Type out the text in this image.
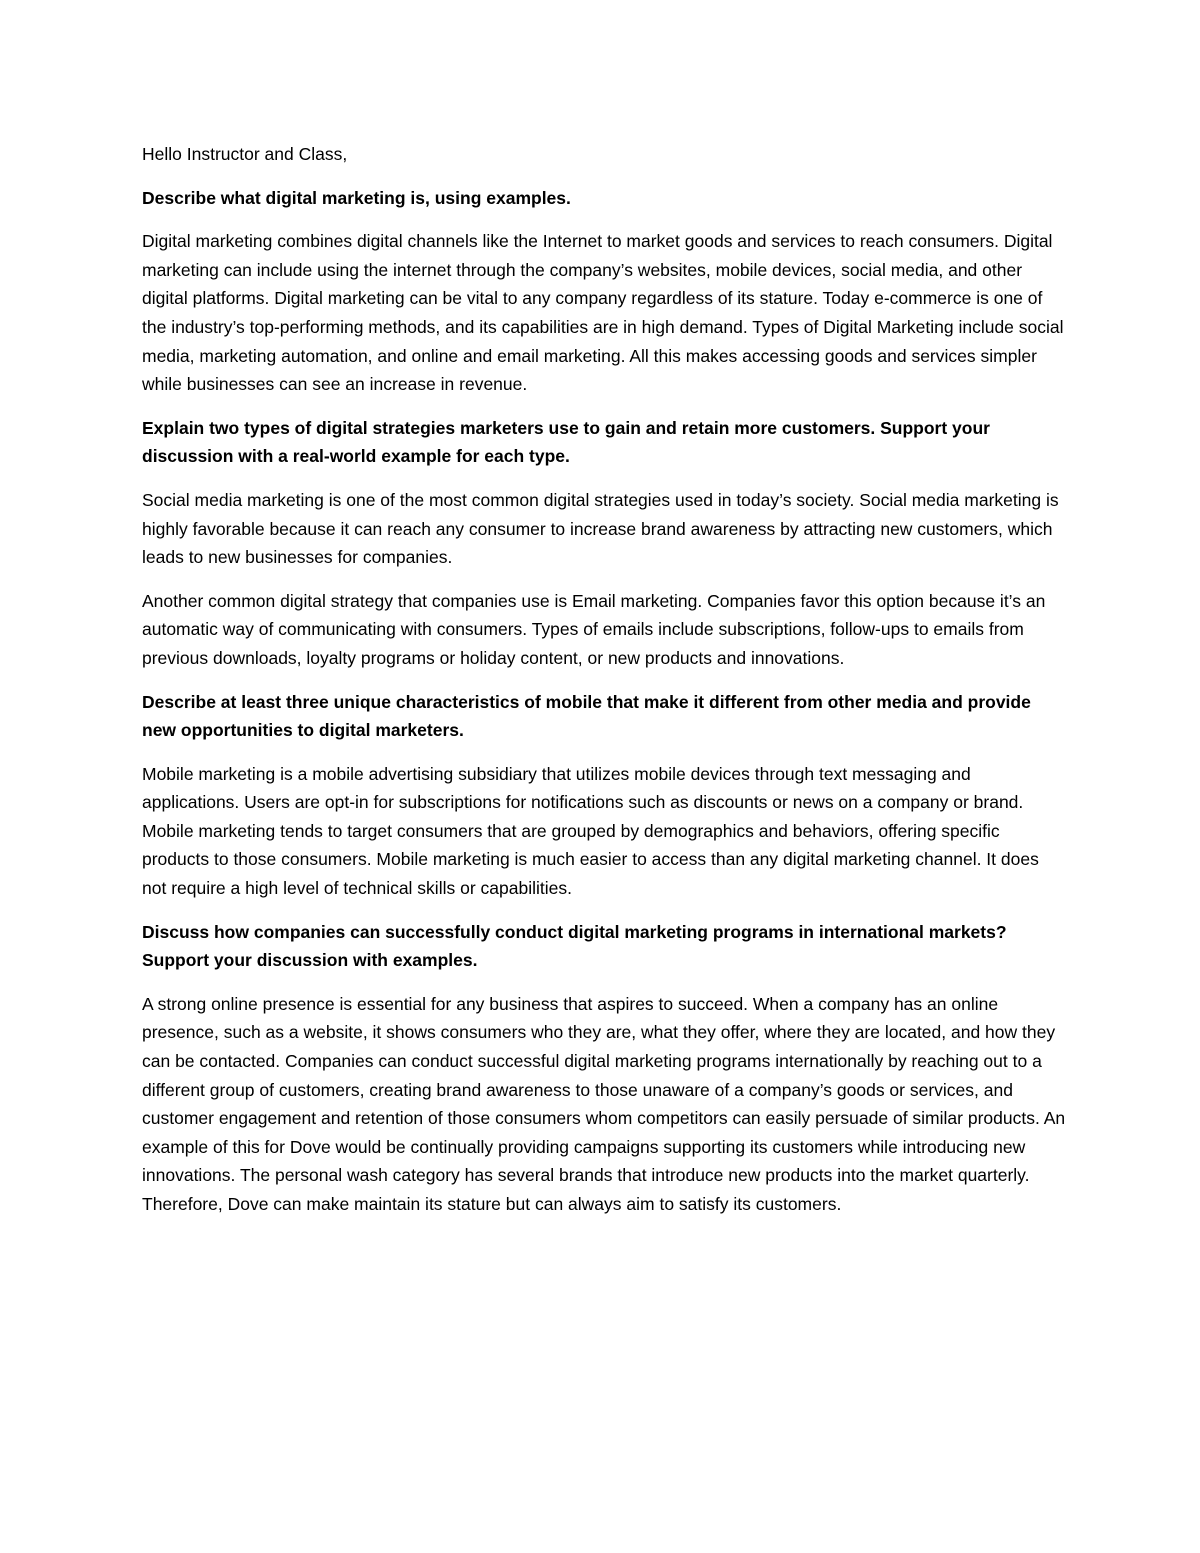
Hello Instructor and Class,

Describe what digital marketing is, using examples.

Digital marketing combines digital channels like the Internet to market goods and services to reach consumers. Digital marketing can include using the internet through the company’s websites, mobile devices, social media, and other digital platforms. Digital marketing can be vital to any company regardless of its stature. Today e-commerce is one of the industry’s top-performing methods, and its capabilities are in high demand. Types of Digital Marketing include social media, marketing automation, and online and email marketing. All this makes accessing goods and services simpler while businesses can see an increase in revenue.

Explain two types of digital strategies marketers use to gain and retain more customers. Support your discussion with a real-world example for each type.

Social media marketing is one of the most common digital strategies used in today’s society. Social media marketing is highly favorable because it can reach any consumer to increase brand awareness by attracting new customers, which leads to new businesses for companies.

Another common digital strategy that companies use is Email marketing. Companies favor this option because it’s an automatic way of communicating with consumers. Types of emails include subscriptions, follow-ups to emails from previous downloads, loyalty programs or holiday content, or new products and innovations.

Describe at least three unique characteristics of mobile that make it different from other media and provide new opportunities to digital marketers.

Mobile marketing is a mobile advertising subsidiary that utilizes mobile devices through text messaging and applications. Users are opt-in for subscriptions for notifications such as discounts or news on a company or brand. Mobile marketing tends to target consumers that are grouped by demographics and behaviors, offering specific products to those consumers. Mobile marketing is much easier to access than any digital marketing channel. It does not require a high level of technical skills or capabilities.

Discuss how companies can successfully conduct digital marketing programs in international markets? Support your discussion with examples.

A strong online presence is essential for any business that aspires to succeed. When a company has an online presence, such as a website, it shows consumers who they are, what they offer, where they are located, and how they can be contacted. Companies can conduct successful digital marketing programs internationally by reaching out to a different group of customers, creating brand awareness to those unaware of a company’s goods or services, and customer engagement and retention of those consumers whom competitors can easily persuade of similar products. An example of this for Dove would be continually providing campaigns supporting its customers while introducing new innovations. The personal wash category has several brands that introduce new products into the market quarterly. Therefore, Dove can make maintain its stature but can always aim to satisfy its customers.
